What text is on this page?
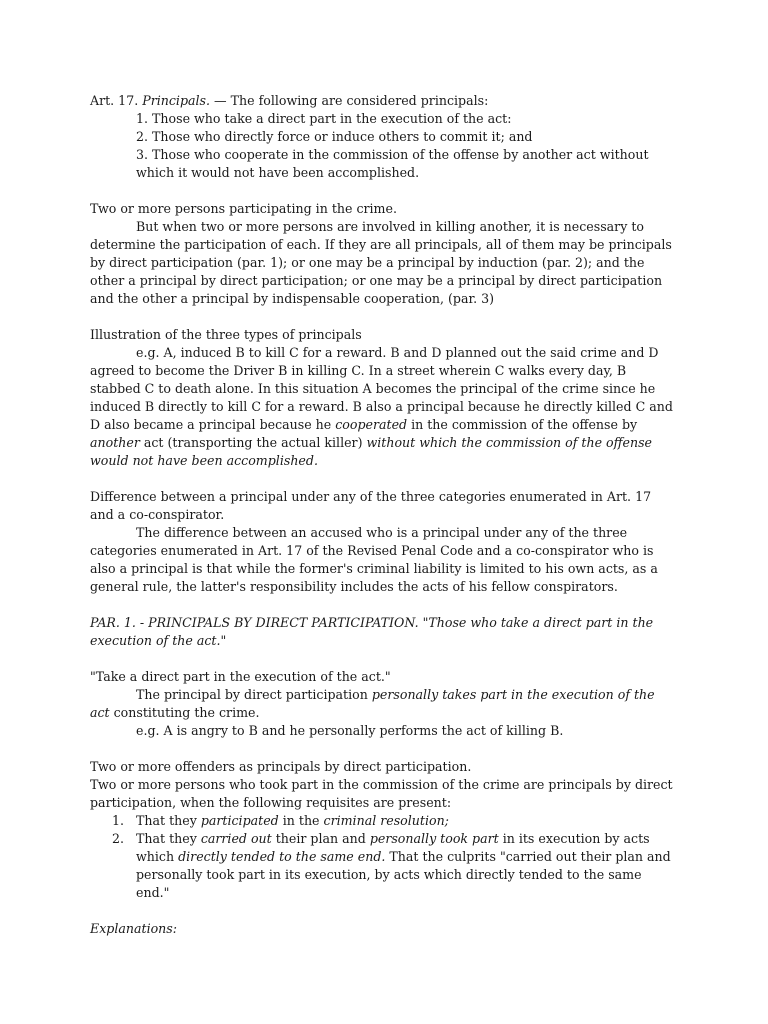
Art. 17. Principals. — The following are considered principals:

1. Those who take a direct part in the execution of the act:

2. Those who directly force or induce others to commit it; and

3. Those who cooperate in the commission of the offense by another act without which it would not have been accomplished.

Two or more persons participating in the crime.

But when two or more persons are involved in killing another, it is necessary to determine the participation of each. If they are all principals, all of them may be principals by direct participation (par. 1); or one may be a principal by induction (par. 2); and the other a principal by direct participation; or one may be a principal by direct participation and the other a principal by indispensable cooperation, (par. 3)

Illustration of the three types of principals

e.g. A, induced B to kill C for a reward. B and D planned out the said crime and D agreed to become the Driver B in killing C. In a street wherein C walks every day, B stabbed C to death alone. In this situation A becomes the principal of the crime since he induced B directly to kill C for a reward. B also a principal because he directly killed C and D also became a principal because he cooperated in the commission of the offense by another act (transporting the actual killer) without which the commission of the offense would not have been accomplished.

Difference between a principal under any of the three categories enumerated in Art. 17 and a co-conspirator.

The difference between an accused who is a principal under any of the three categories enumerated in Art. 17 of the Revised Penal Code and a co-conspirator who is also a principal is that while the former's criminal liability is limited to his own acts, as a general rule, the latter's responsibility includes the acts of his fellow conspirators.

PAR. 1. - PRINCIPALS BY DIRECT PARTICIPATION. "Those who take a direct part in the execution of the act."

"Take a direct part in the execution of the act."

The principal by direct participation personally takes part in the execution of the act constituting the crime.

e.g. A is angry to B and he personally performs the act of killing B.

Two or more offenders as principals by direct participation.

Two or more persons who took part in the commission of the crime are principals by direct participation, when the following requisites are present:

1. That they participated in the criminal resolution;
2. That they carried out their plan and personally took part in its execution by acts which directly tended to the same end. That the culprits "carried out their plan and personally took part in its execution, by acts which directly tended to the same end."

Explanations:
